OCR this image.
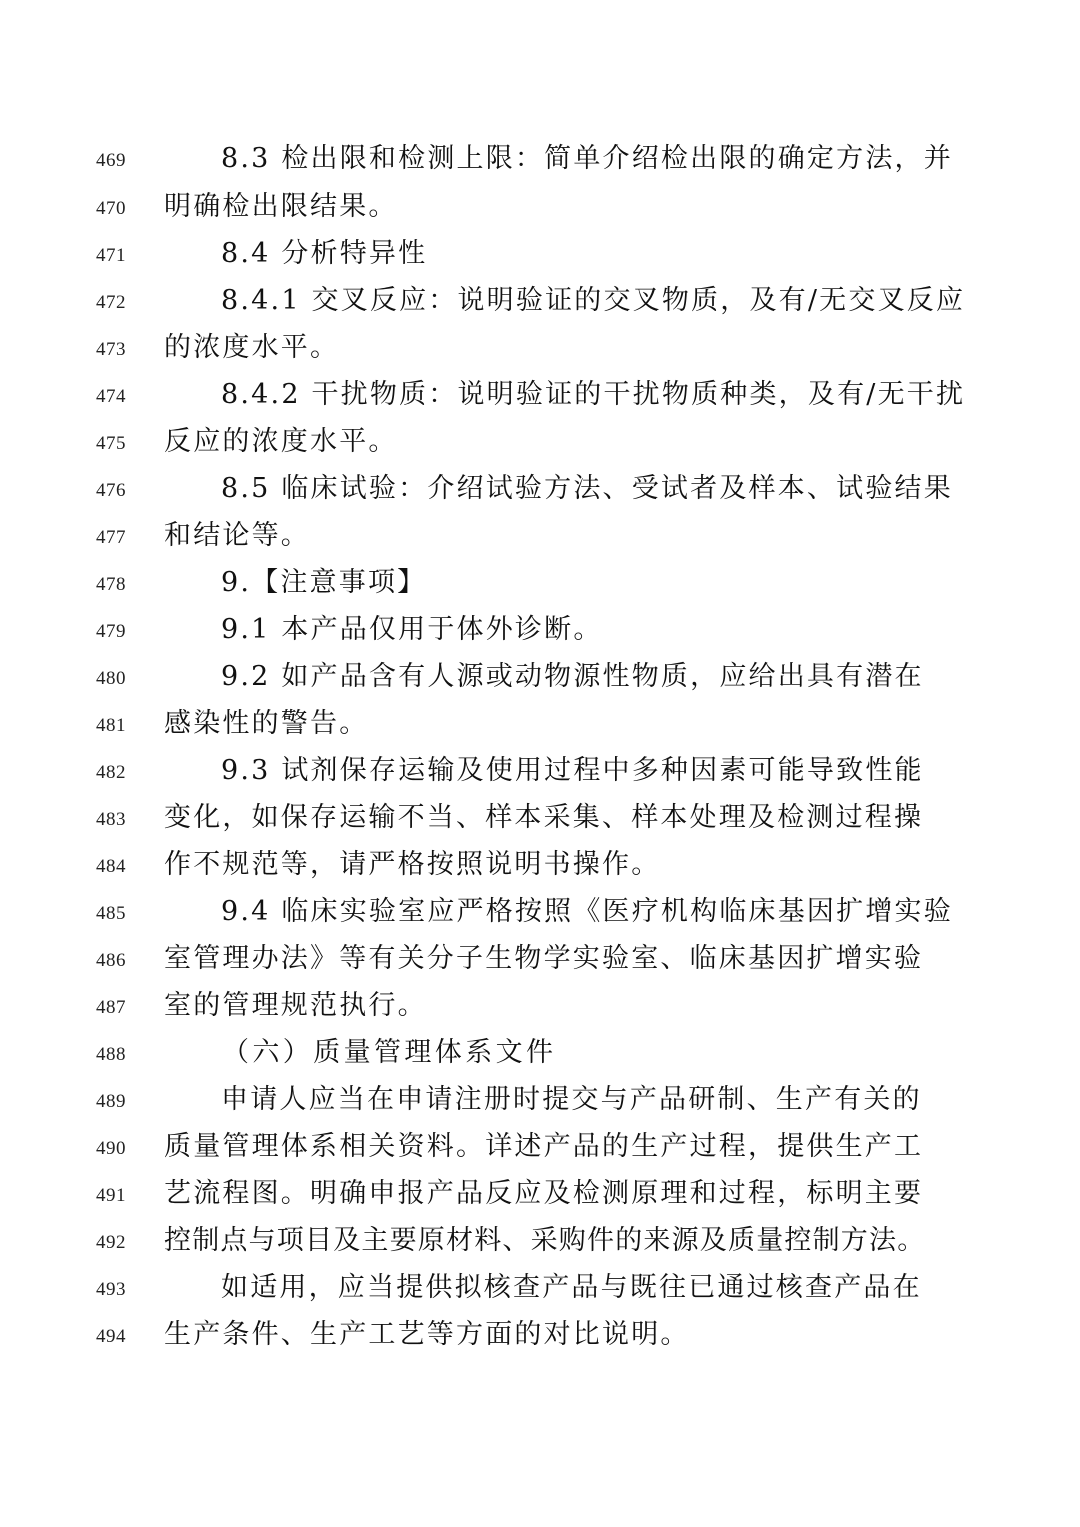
469	8.3 检出限和检测上限：简单介绍检出限的确定方法，并
470	明确检出限结果。
471	8.4 分析特异性
472	8.4.1 交叉反应：说明验证的交叉物质，及有/无交叉反应
473	的浓度水平。
474	8.4.2 干扰物质：说明验证的干扰物质种类，及有/无干扰
475	反应的浓度水平。
476	8.5 临床试验：介绍试验方法、受试者及样本、试验结果
477	和结论等。
478	9.【注意事项】
479	9.1 本产品仅用于体外诊断。
480	9.2 如产品含有人源或动物源性物质，应给出具有潜在
481	感染性的警告。
482	9.3 试剂保存运输及使用过程中多种因素可能导致性能
483	变化，如保存运输不当、样本采集、样本处理及检测过程操
484	作不规范等，请严格按照说明书操作。
485	9.4 临床实验室应严格按照《医疗机构临床基因扩增实验
486	室管理办法》等有关分子生物学实验室、临床基因扩增实验
487	室的管理规范执行。
488	（六）质量管理体系文件
489	申请人应当在申请注册时提交与产品研制、生产有关的
490	质量管理体系相关资料。详述产品的生产过程，提供生产工
491	艺流程图。明确申报产品反应及检测原理和过程，标明主要
492	控制点与项目及主要原材料、采购件的来源及质量控制方法。
493	如适用，应当提供拟核查产品与既往已通过核查产品在
494	生产条件、生产工艺等方面的对比说明。
